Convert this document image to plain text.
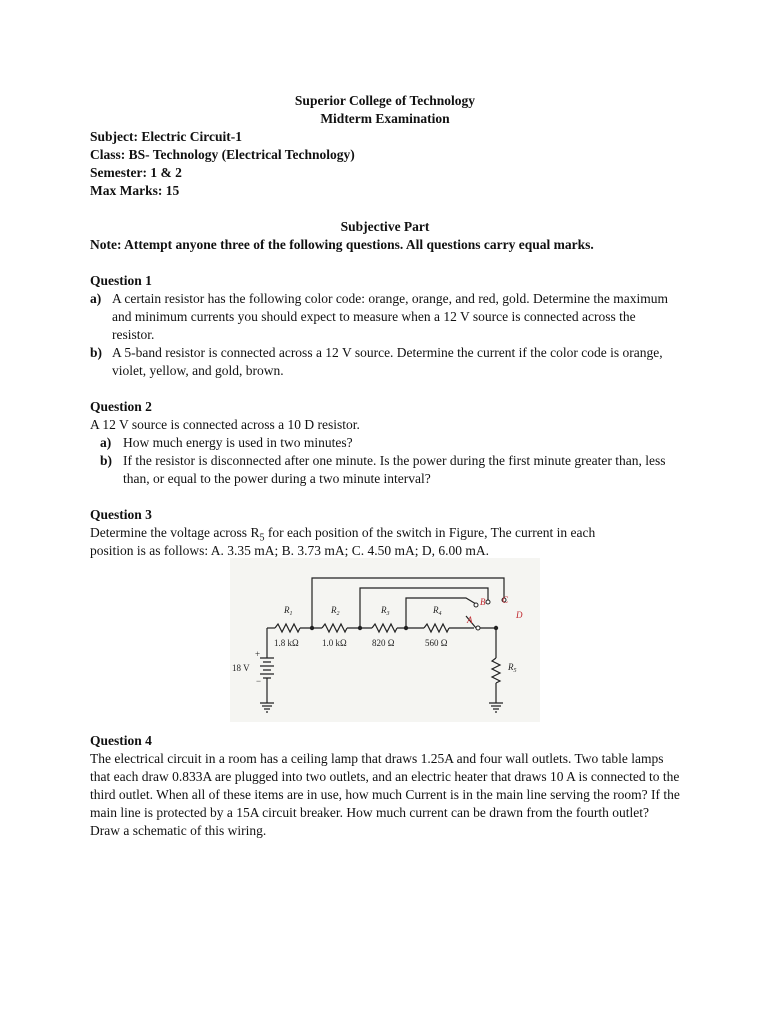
Superior College of Technology
Midterm Examination
Subject: Electric Circuit-1
Class: BS- Technology (Electrical Technology)
Semester: 1 & 2
Max Marks: 15
Subjective Part
Note: Attempt anyone three of the following questions. All questions carry equal marks.
Question 1
a) A certain resistor has the following color code: orange, orange, and red, gold. Determine the maximum and minimum currents you should expect to measure when a 12 V source is connected across the resistor.
b) A 5-band resistor is connected across a 12 V source. Determine the current if the color code is orange, violet, yellow, and gold, brown.
Question 2
A 12 V source is connected across a 10 D resistor.
a) How much energy is used in two minutes?
b) If the resistor is disconnected after one minute. Is the power during the first minute greater than, less than, or equal to the power during a two minute interval?
Question 3
Determine the voltage across $R_5$ for each position of the switch in Figure, The current in each
position is as follows: A. 3.35 mA; B. 3.73 mA; C. 4.50 mA; D, 6.00 mA.
Question 4
The electrical circuit in a room has a ceiling lamp that draws 1.25A and four wall outlets. Two table lamps that each draw 0.833A are plugged into two outlets, and an electric heater that draws 10 A is connected to the third outlet. When all of these items are in use, how much Current is in the main line serving the room? If the main line is protected by a 15A circuit breaker. How much current can be drawn from the fourth outlet? Draw a schematic of this wiring.
$R_1$	$R_2$	$R_3$	$R_4$
$R_5$
1.8 kΩ	1.0 kΩ	820 Ω	560 Ω
18 V
+
−
A
B C
D
